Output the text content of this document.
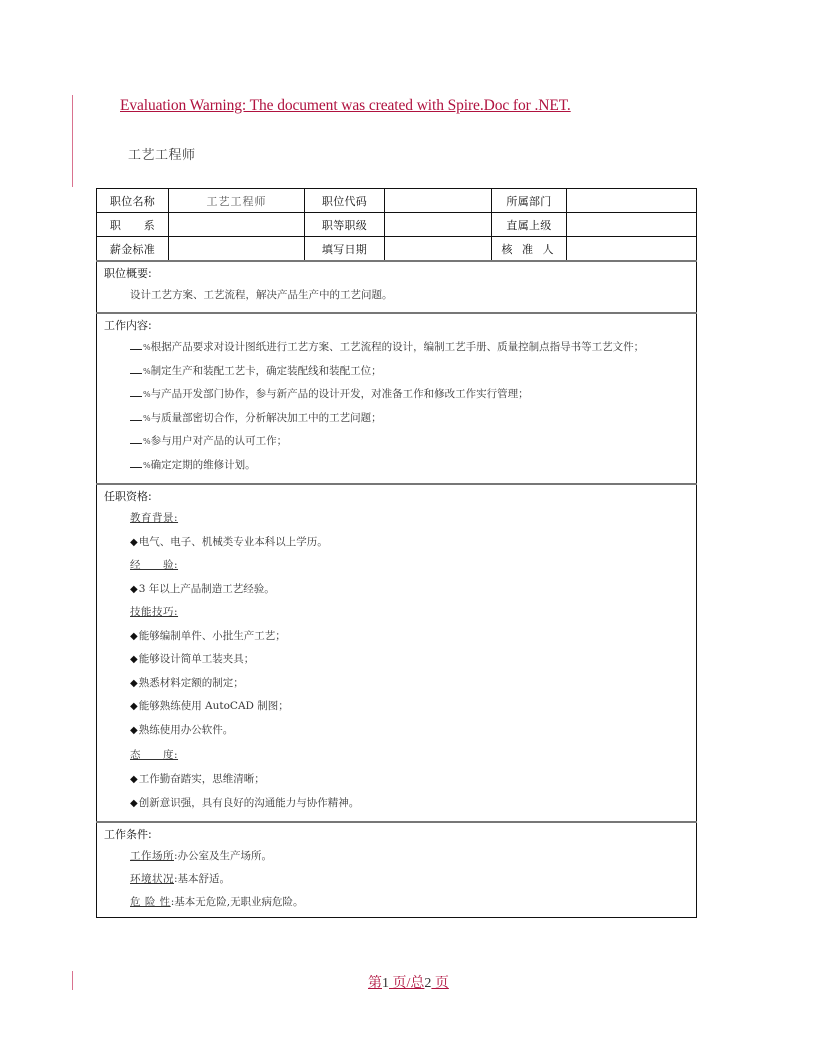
Evaluation Warning: The document was created with Spire.Doc for .NET.
工艺工程师
职位名称	工艺工程师	职位代码		所属部门	
职　　系		职等职级		直属上级	
薪金标准		填写日期		核 准 人	

职位概要:
设计工艺方案、工艺流程，解决产品生产中的工艺问题。					

工作内容:
%根据产品要求对设计图纸进行工艺方案、工艺流程的设计，编制工艺手册、质量控制点指导书等工艺文件；
%制定生产和装配工艺卡，确定装配线和装配工位；
%与产品开发部门协作，参与新产品的设计开发，对准备工作和修改工作实行管理；
%与质量部密切合作，分析解决加工中的工艺问题；
%参与用户对产品的认可工作；
%确定定期的维修计划。

任职资格:
教育背景:
◆电气、电子、机械类专业本科以上学历。
经　　验:
◆3 年以上产品制造工艺经验。
技能技巧:
◆能够编制单件、小批生产工艺；
◆能够设计简单工装夹具；
◆熟悉材料定额的制定；
◆能够熟练使用 AutoCAD 制图；
◆熟练使用办公软件。
态　　度:
◆工作勤奋踏实，思维清晰；
◆创新意识强，具有良好的沟通能力与协作精神。

工作条件:
工作场所:办公室及生产场所。
环境状况:基本舒适。
危 险 性:基本无危险,无职业病危险。					
第1 页/总2 页
